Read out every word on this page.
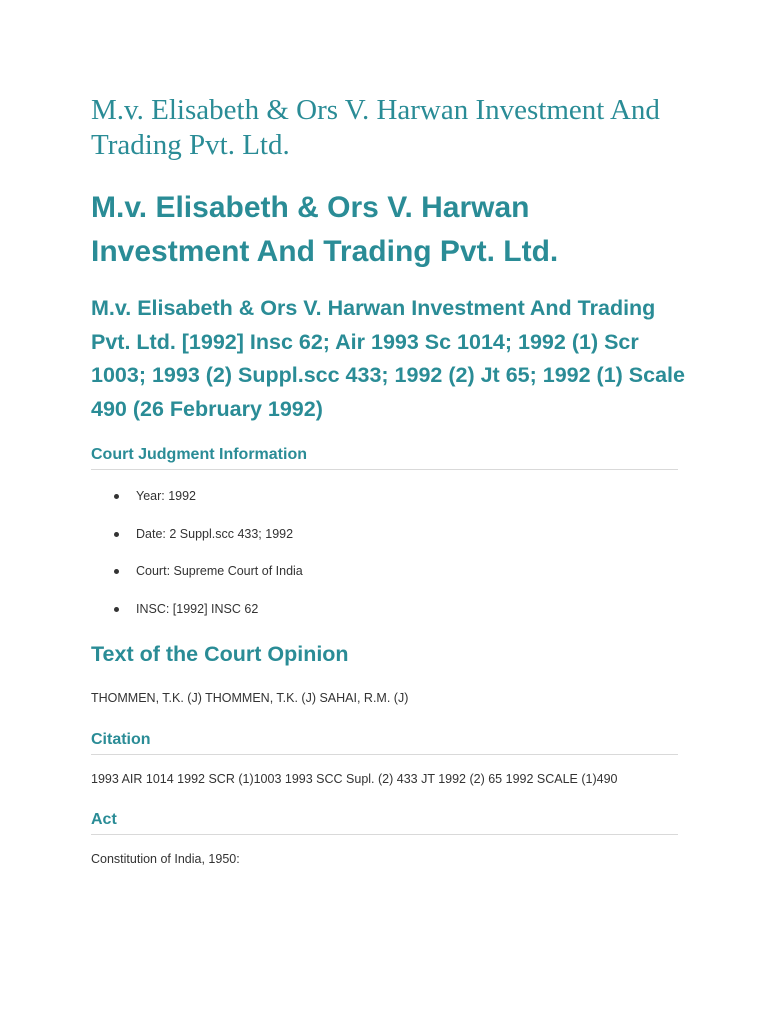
M.v. Elisabeth & Ors V. Harwan Investment And Trading Pvt. Ltd.
M.v. Elisabeth & Ors V. Harwan Investment And Trading Pvt. Ltd.
M.v. Elisabeth & Ors V. Harwan Investment And Trading Pvt. Ltd. [1992] Insc 62; Air 1993 Sc 1014; 1992 (1) Scr 1003; 1993 (2) Suppl.scc 433; 1992 (2) Jt 65; 1992 (1) Scale 490 (26 February 1992)
Court Judgment Information
Year: 1992
Date: 2 Suppl.scc 433; 1992
Court: Supreme Court of India
INSC: [1992] INSC 62
Text of the Court Opinion

THOMMEN, T.K. (J) THOMMEN, T.K. (J) SAHAI, R.M. (J)

Citation

1993 AIR 1014 1992 SCR (1)1003 1993 SCC Supl. (2) 433 JT 1992 (2) 65 1992 SCALE (1)490

Act

Constitution of India, 1950:
